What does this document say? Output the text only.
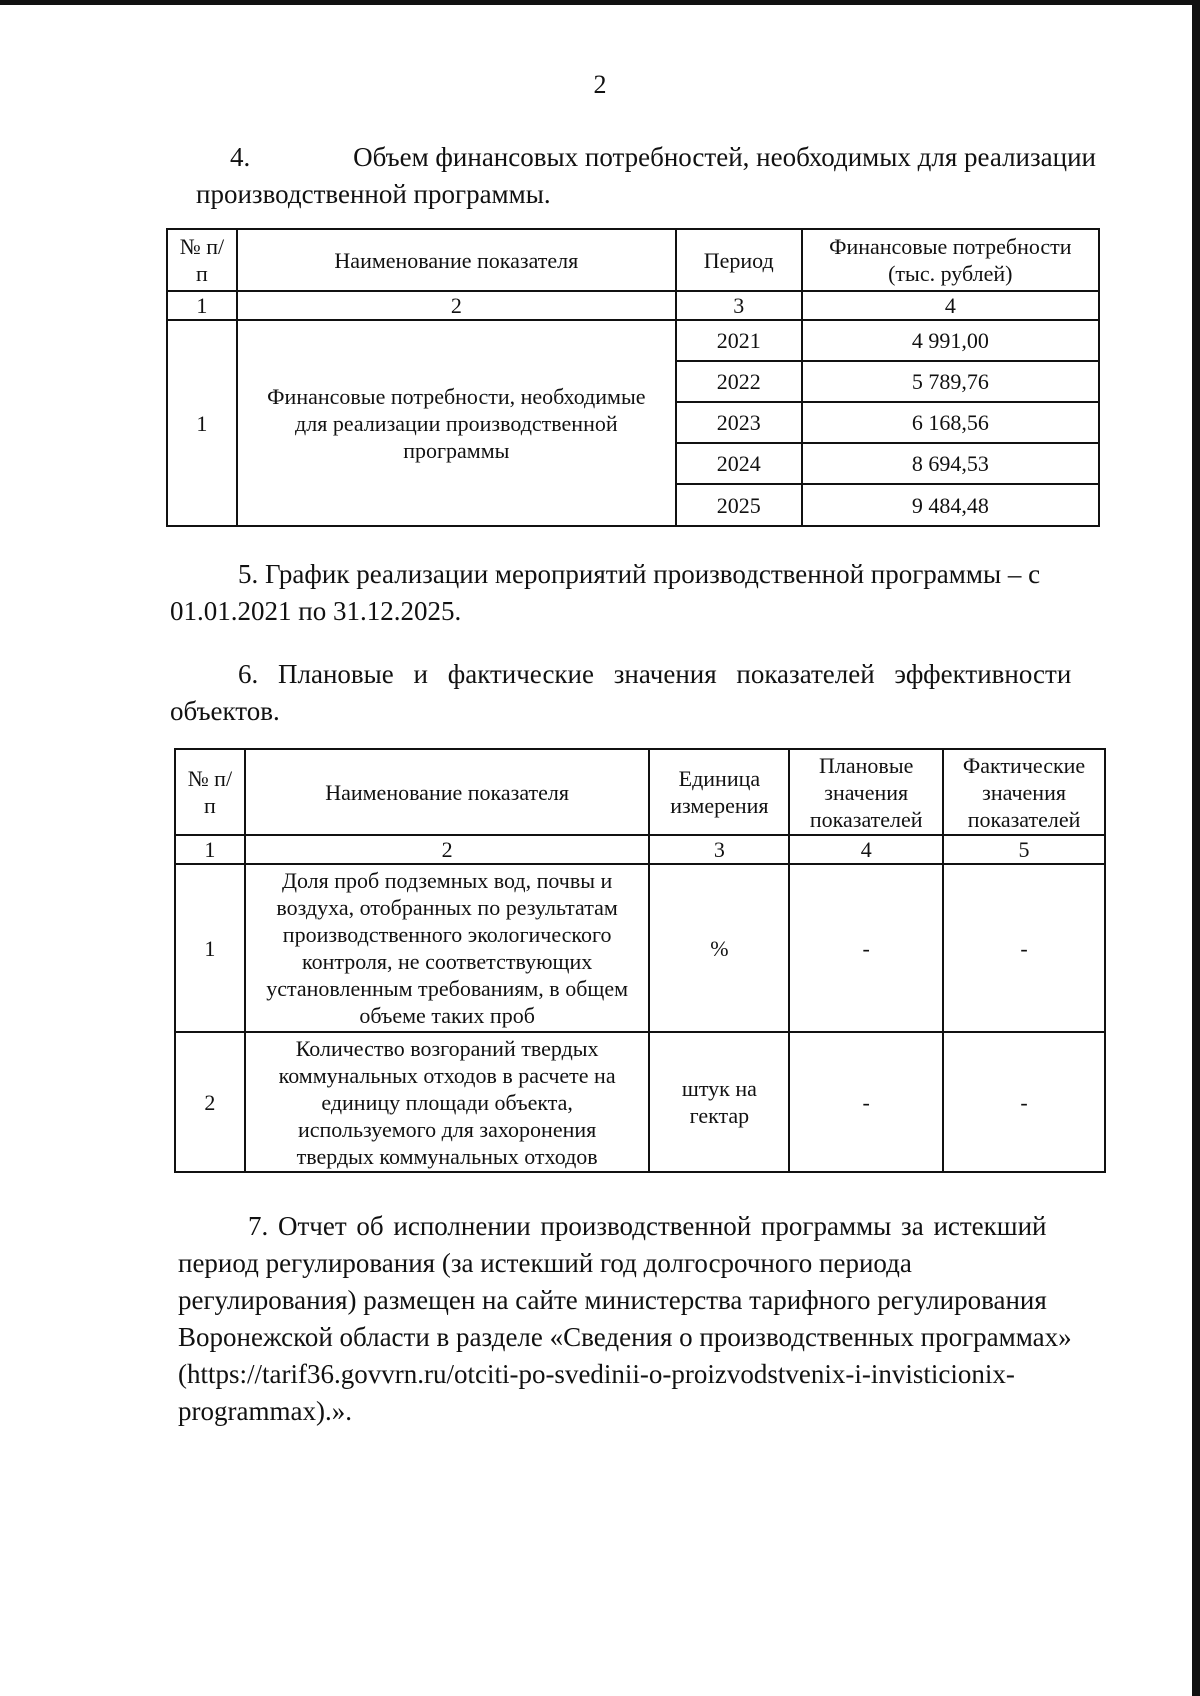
2
4.	Объем финансовых потребностей, необходимых для реализации
производственной программы.
№ п/п	Наименование показателя	Период	Финансовые потребности (тыс. рублей)
1	2	3	4
1	Финансовые потребности, необходимые для реализации производственной программы	2021	4 991,00
		2022	5 789,76
		2023	6 168,56
		2024	8 694,53
		2025	9 484,48
5. График реализации мероприятий производственной программы – с
01.01.2021 по 31.12.2025.
6. Плановые и фактические значения показателей эффективности
объектов.
№ п/п	Наименование показателя	Единица измерения	Плановые значения показателей	Фактические значения показателей
1	2	3	4	5
1	Доля проб подземных вод, почвы и воздуха, отобранных по результатам производственного экологического контроля, не соответствующих установленным требованиям, в общем объеме таких проб	%	-	-
2	Количество возгораний твердых коммунальных отходов в расчете на единицу площади объекта, используемого для захоронения твердых коммунальных отходов	штук на гектар	-	-
7. Отчет об исполнении производственной программы за истекший
период регулирования (за истекший год долгосрочного периода
регулирования) размещен на сайте министерства тарифного регулирования
Воронежской области в разделе «Сведения о производственных программах»
(https://tarif36.govvrn.ru/otciti-po-svedinii-o-proizvodstvenix-i-invisticionix-
programmax).».
